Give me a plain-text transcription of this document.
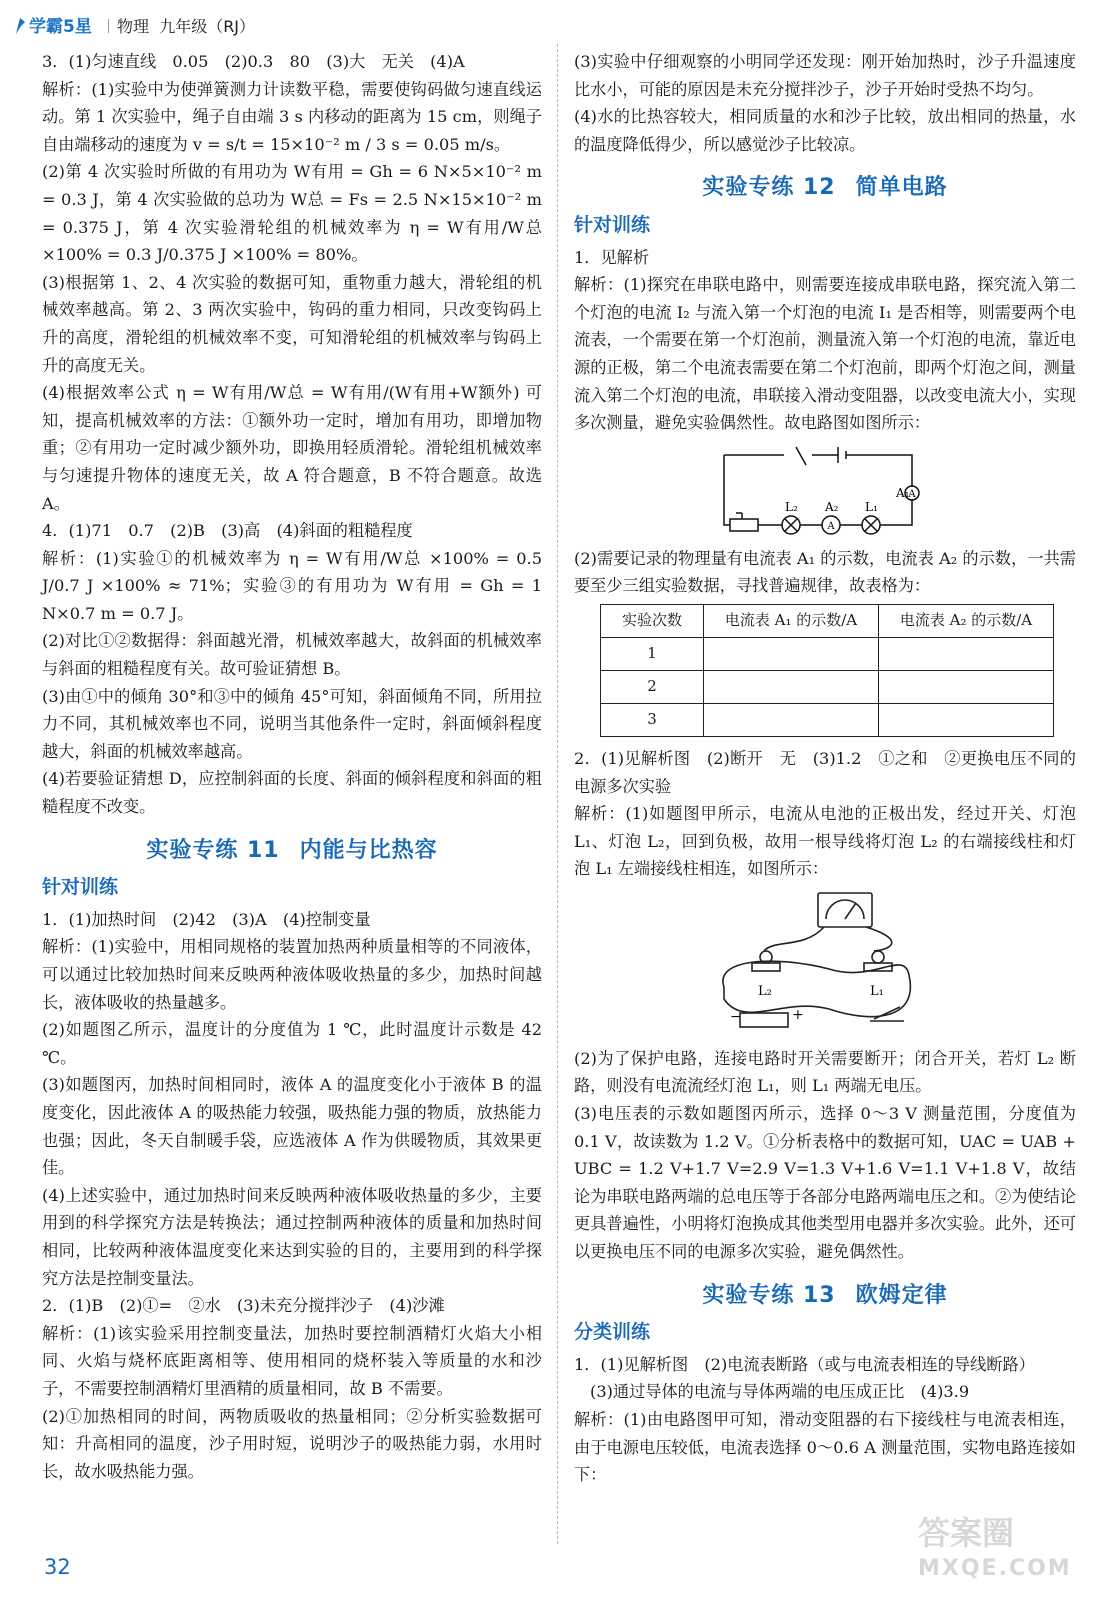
学霸5星	物理 九年级（RJ）

3．(1)匀速直线　0.05　(2)0.3　80　(3)大　无关　(4)A

解析：(1)实验中为使弹簧测力计读数平稳，需要使钩码做匀速直线运动。第 1 次实验中，绳子自由端 3 s 内移动的距离为 15 cm，则绳子自由端移动的速度为 v = s/t = 15×10⁻² m / 3 s = 0.05 m/s。

(2)第 4 次实验时所做的有用功为 W有用 = Gh = 6 N×5×10⁻² m = 0.3 J，第 4 次实验做的总功为 W总 = Fs = 2.5 N×15×10⁻² m = 0.375 J，第 4 次实验滑轮组的机械效率为 η = W有用/W总 ×100% = 0.3 J/0.375 J ×100% = 80%。

(3)根据第 1、2、4 次实验的数据可知，重物重力越大，滑轮组的机械效率越高。第 2、3 两次实验中，钩码的重力相同，只改变钩码上升的高度，滑轮组的机械效率不变，可知滑轮组的机械效率与钩码上升的高度无关。

(4)根据效率公式 η = W有用/W总 = W有用/(W有用+W额外) 可知，提高机械效率的方法：①额外功一定时，增加有用功，即增加物重；②有用功一定时减少额外功，即换用轻质滑轮。滑轮组机械效率与匀速提升物体的速度无关，故 A 符合题意，B 不符合题意。故选 A。

4．(1)71　0.7　(2)B　(3)高　(4)斜面的粗糙程度

解析：(1)实验①的机械效率为 η = W有用/W总 ×100% = 0.5 J/0.7 J ×100% ≈ 71%；实验③的有用功为 W有用 = Gh = 1 N×0.7 m = 0.7 J。

(2)对比①②数据得：斜面越光滑，机械效率越大，故斜面的机械效率与斜面的粗糙程度有关。故可验证猜想 B。

(3)由①中的倾角 30°和③中的倾角 45°可知，斜面倾角不同，所用拉力不同，其机械效率也不同，说明当其他条件一定时，斜面倾斜程度越大，斜面的机械效率越高。

(4)若要验证猜想 D，应控制斜面的长度、斜面的倾斜程度和斜面的粗糙程度不改变。

实验专练 11 内能与比热容
针对训练

1．(1)加热时间　(2)42　(3)A　(4)控制变量

解析：(1)实验中，用相同规格的装置加热两种质量相等的不同液体，可以通过比较加热时间来反映两种液体吸收热量的多少，加热时间越长，液体吸收的热量越多。

(2)如题图乙所示，温度计的分度值为 1 ℃，此时温度计示数是 42 ℃。

(3)如题图丙，加热时间相同时，液体 A 的温度变化小于液体 B 的温度变化，因此液体 A 的吸热能力较强，吸热能力强的物质，放热能力也强；因此，冬天自制暖手袋，应选液体 A 作为供暖物质，其效果更佳。

(4)上述实验中，通过加热时间来反映两种液体吸收热量的多少，主要用到的科学探究方法是转换法；通过控制两种液体的质量和加热时间相同，比较两种液体温度变化来达到实验的目的，主要用到的科学探究方法是控制变量法。

2．(1)B　(2)①=　②水　(3)未充分搅拌沙子　(4)沙滩

解析：(1)该实验采用控制变量法，加热时要控制酒精灯火焰大小相同、火焰与烧杯底距离相等、使用相同的烧杯装入等质量的水和沙子，不需要控制酒精灯里酒精的质量相同，故 B 不需要。

(2)①加热相同的时间，两物质吸收的热量相同；②分析实验数据可知：升高相同的温度，沙子用时短，说明沙子的吸热能力弱，水用时长，故水吸热能力强。

(3)实验中仔细观察的小明同学还发现：刚开始加热时，沙子升温速度比水小，可能的原因是未充分搅拌沙子，沙子开始时受热不均匀。

(4)水的比热容较大，相同质量的水和沙子比较，放出相同的热量，水的温度降低得少，所以感觉沙子比较凉。

实验专练 12 简单电路
针对训练

1．见解析

解析：(1)探究在串联电路中，则需要连接成串联电路，探究流入第二个灯泡的电流 I₂ 与流入第一个灯泡的电流 I₁ 是否相等，则需要两个电流表，一个需要在第一个灯泡前，测量流入第一个灯泡的电流，靠近电源的正极，第二个电流表需要在第二个灯泡前，即两个灯泡之间，测量流入第二个灯泡的电流，串联接入滑动变阻器，以改变电流大小，实现多次测量，避免实验偶然性。故电路图如图所示：

A
A₁
A
L₂ A₂ L₁

(2)需要记录的物理量有电流表 A₁ 的示数，电流表 A₂ 的示数，一共需要至少三组实验数据，寻找普遍规律，故表格为：

实验次数	电流表 A₁ 的示数/A	电流表 A₂ 的示数/A
1		
2		
3		

2．(1)见解析图　(2)断开　无　(3)1.2　①之和　②更换电压不同的电源多次实验

解析：(1)如题图甲所示，电流从电池的正极出发，经过开关、灯泡 L₁、灯泡 L₂，回到负极，故用一根导线将灯泡 L₂ 的右端接线柱和灯泡 L₁ 左端接线柱相连，如图所示：

L₂	L₁
−	+

(2)为了保护电路，连接电路时开关需要断开；闭合开关，若灯 L₂ 断路，则没有电流流经灯泡 L₁，则 L₁ 两端无电压。

(3)电压表的示数如题图丙所示，选择 0～3 V 测量范围，分度值为 0.1 V，故读数为 1.2 V。①分析表格中的数据可知，UAC = UAB + UBC = 1.2 V+1.7 V=2.9 V=1.3 V+1.6 V=1.1 V+1.8 V，故结论为串联电路两端的总电压等于各部分电路两端电压之和。②为使结论更具普遍性，小明将灯泡换成其他类型用电器并多次实验。此外，还可以更换电压不同的电源多次实验，避免偶然性。

实验专练 13 欧姆定律
分类训练

1．(1)见解析图　(2)电流表断路（或与电流表相连的导线断路）

(3)通过导体的电流与导体两端的电压成正比　(4)3.9

解析：(1)由电路图甲可知，滑动变阻器的右下接线柱与电流表相连，由于电源电压较低，电流表选择 0～0.6 A 测量范围，实物电路连接如下：

32
答案圈
MXQE.COM
